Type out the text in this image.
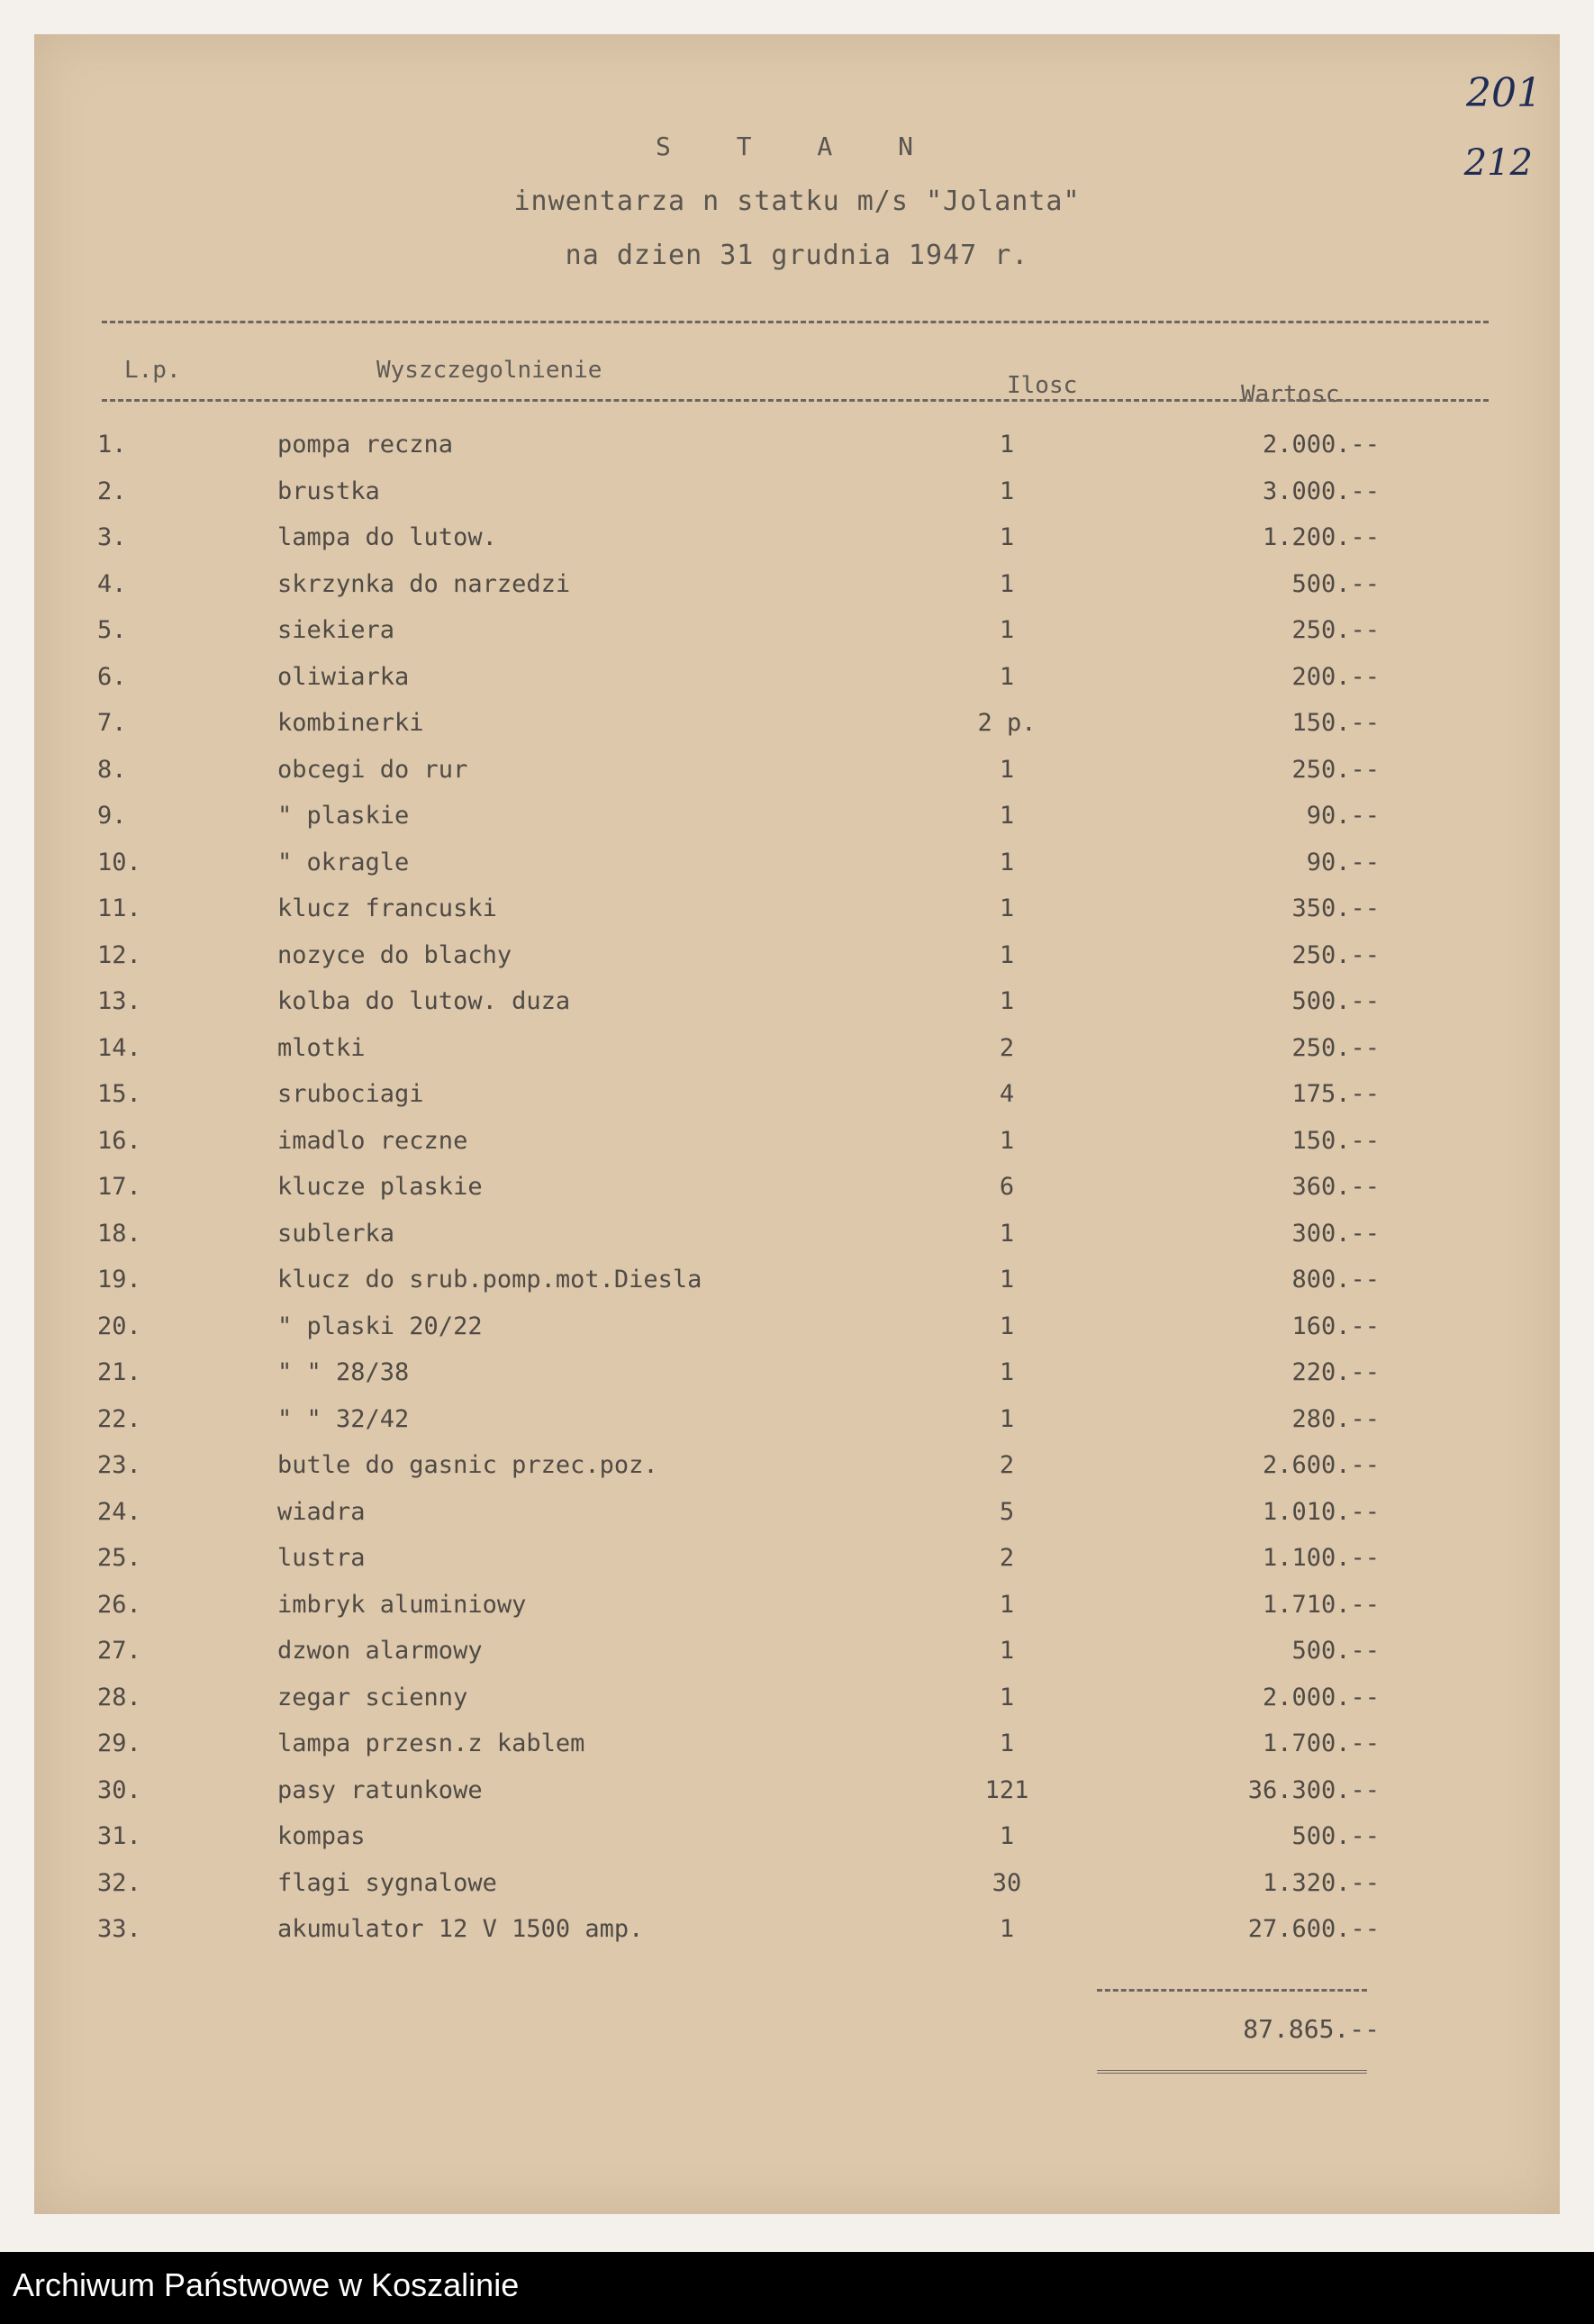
201
212
S T A N
inwentarza n statku m/s "Jolanta"
na dzien 31 grudnia 1947 r.
L.p.	Wyszczegolnienie
Ilosc	Wartosc
1.	pompa reczna	1	2.000.--
2.	brustka	1	3.000.--
3.	lampa do lutow.	1	1.200.--
4.	skrzynka do narzedzi	1	500.--
5.	siekiera	1	250.--
6.	oliwiarka	1	200.--
7.	kombinerki	2 p.	150.--
8.	obcegi do rur	1	250.--
9.	" plaskie	1	90.--
10.	" okragle	1	90.--
11.	klucz francuski	1	350.--
12.	nozyce do blachy	1	250.--
13.	kolba do lutow. duza	1	500.--
14.	mlotki	2	250.--
15.	srubociagi	4	175.--
16.	imadlo reczne	1	150.--
17.	klucze plaskie	6	360.--
18.	sublerka	1	300.--
19.	klucz do srub.pomp.mot.Diesla	1	800.--
20.	" plaski 20/22	1	160.--
21.	" " 28/38	1	220.--
22.	" " 32/42	1	280.--
23.	butle do gasnic przec.poz.	2	2.600.--
24.	wiadra	5	1.010.--
25.	lustra	2	1.100.--
26.	imbryk aluminiowy	1	1.710.--
27.	dzwon alarmowy	1	500.--
28.	zegar scienny	1	2.000.--
29.	lampa przesn.z kablem	1	1.700.--
30.	pasy ratunkowe	121	36.300.--
31.	kompas	1	500.--
32.	flagi sygnalowe	30	1.320.--
33.	akumulator 12 V 1500 amp.	1	27.600.--
87.865.--
Archiwum Państwowe w Koszalinie
